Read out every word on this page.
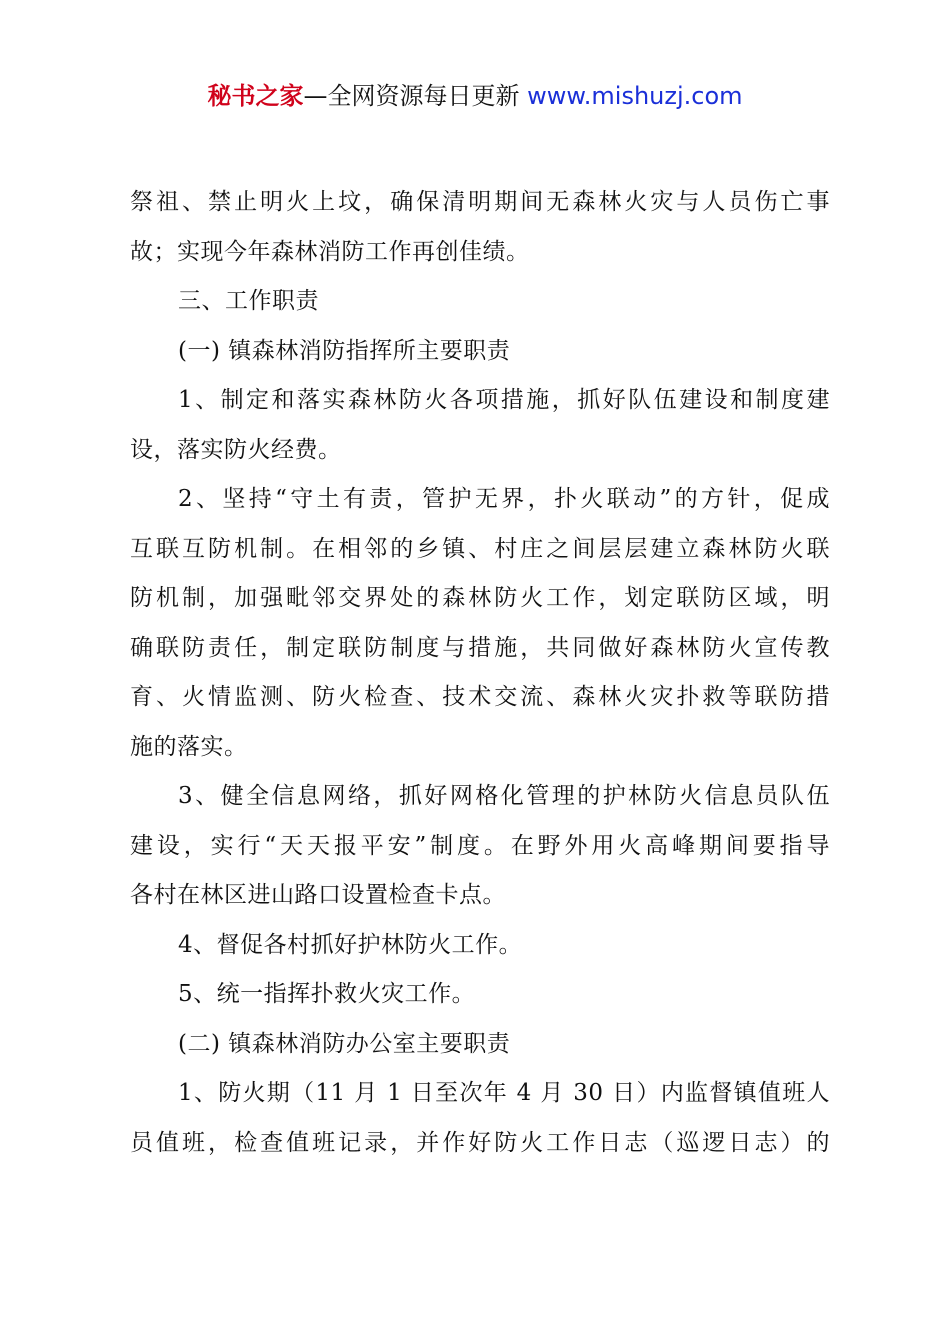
秘书之家—全网资源每日更新 www.mishuzj.com
祭祖、禁止明火上坟，确保清明期间无森林火灾与人员伤亡事
故；实现今年森林消防工作再创佳绩。
三、工作职责
(一) 镇森林消防指挥所主要职责
1、制定和落实森林防火各项措施，抓好队伍建设和制度建
设，落实防火经费。
2、坚持“守土有责，管护无界，扑火联动”的方针，促成
互联互防机制。在相邻的乡镇、村庄之间层层建立森林防火联
防机制，加强毗邻交界处的森林防火工作，划定联防区域，明
确联防责任，制定联防制度与措施，共同做好森林防火宣传教
育、火情监测、防火检查、技术交流、森林火灾扑救等联防措
施的落实。
3、健全信息网络，抓好网格化管理的护林防火信息员队伍
建设，实行“天天报平安”制度。在野外用火高峰期间要指导
各村在林区进山路口设置检查卡点。
4、督促各村抓好护林防火工作。
5、统一指挥扑救火灾工作。
(二) 镇森林消防办公室主要职责
1、防火期（11 月 1 日至次年 4 月 30 日）内监督镇值班人
员值班，检查值班记录，并作好防火工作日志（巡逻日志）的
